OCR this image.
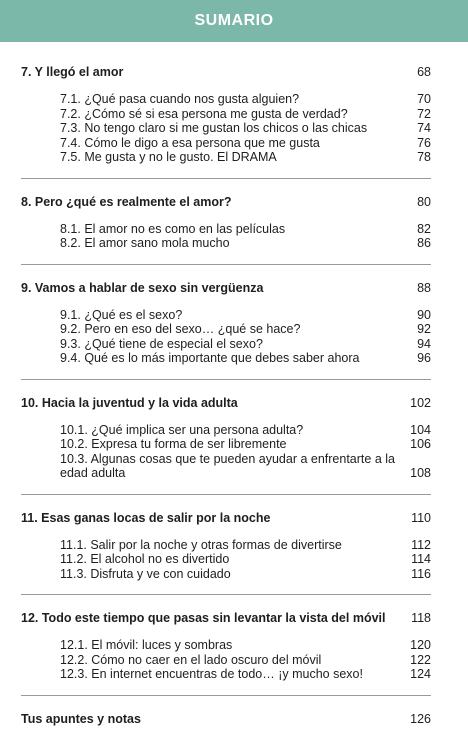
SUMARIO
7. Y llegó el amor	68
7.1. ¿Qué pasa cuando nos gusta alguien?	70
7.2. ¿Cómo sé si esa persona me gusta de verdad?	72
7.3. No tengo claro si me gustan los chicos o las chicas	74
7.4. Cómo le digo a esa persona que me gusta	76
7.5. Me gusta y no le gusto. El DRAMA	78
8. Pero ¿qué es realmente el amor?	80
8.1. El amor no es como en las películas	82
8.2. El amor sano mola mucho	86
9. Vamos a hablar de sexo sin vergüenza	88
9.1. ¿Qué es el sexo?	90
9.2. Pero en eso del sexo… ¿qué se hace?	92
9.3. ¿Qué tiene de especial el sexo?	94
9.4. Qué es lo más importante que debes saber ahora	96
10. Hacia la juventud y la vida adulta	102
10.1. ¿Qué implica ser una persona adulta?	104
10.2. Expresa tu forma de ser libremente	106
10.3. Algunas cosas que te pueden ayudar a enfrentarte a la edad adulta	108
11. Esas ganas locas de salir por la noche	110
11.1. Salir por la noche y otras formas de divertirse	112
11.2. El alcohol no es divertido	114
11.3. Disfruta y ve con cuidado	116
12. Todo este tiempo que pasas sin levantar la vista del móvil	118
12.1. El móvil: luces y sombras	120
12.2. Cómo no caer en el lado oscuro del móvil	122
12.3. En internet encuentras de todo… ¡y mucho sexo!	124
Tus apuntes y notas	126
